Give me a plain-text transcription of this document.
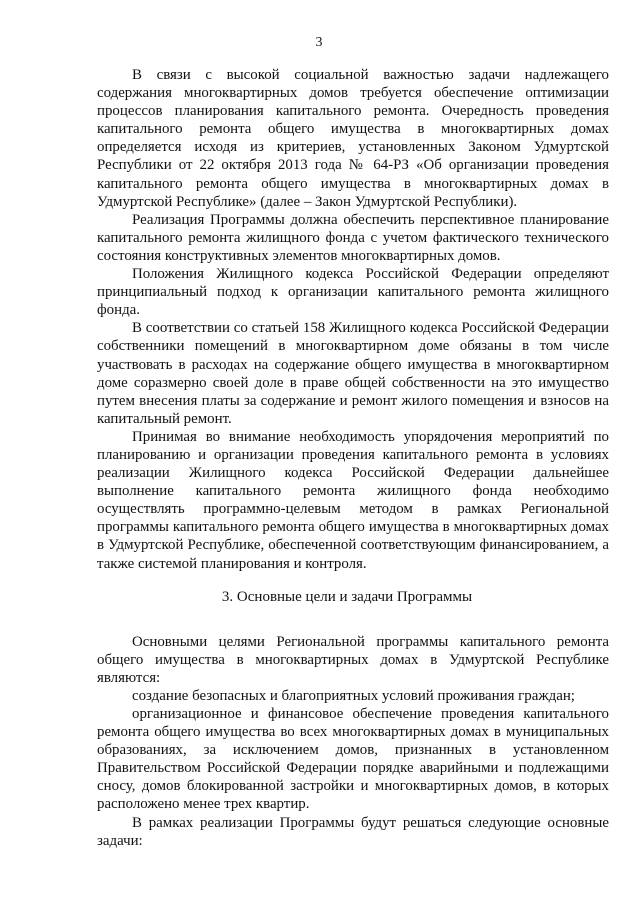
3

В связи с высокой социальной важностью задачи надлежащего содержания многоквартирных домов требуется обеспечение оптимизации процессов планирования капитального ремонта. Очередность проведения капитального ремонта общего имущества в многоквартирных домах определяется исходя из критериев, установленных Законом Удмуртской Республики от 22 октября 2013 года № 64-РЗ «Об организации проведения капитального ремонта общего имущества в многоквартирных домах в Удмуртской Республике» (далее – Закон Удмуртской Республики).

Реализация Программы должна обеспечить перспективное планирование капитального ремонта жилищного фонда с учетом фактического технического состояния конструктивных элементов многоквартирных домов.

Положения Жилищного кодекса Российской Федерации определяют принципиальный подход к организации капитального ремонта жилищного фонда.

В соответствии со статьей 158 Жилищного кодекса Российской Федерации собственники помещений в многоквартирном доме обязаны в том числе участвовать в расходах на содержание общего имущества в многоквартирном доме соразмерно своей доле в праве общей собственности на это имущество путем внесения платы за содержание и ремонт жилого помещения и взносов на капитальный ремонт.

Принимая во внимание необходимость упорядочения мероприятий по планированию и организации проведения капитального ремонта в условиях реализации Жилищного кодекса Российской Федерации дальнейшее выполнение капитального ремонта жилищного фонда необходимо осуществлять программно-целевым методом в рамках Региональной программы капитального ремонта общего имущества в многоквартирных домах в Удмуртской Республике, обеспеченной соответствующим финансированием, а также системой планирования и контроля.

3. Основные цели и задачи Программы

Основными целями Региональной программы капитального ремонта общего имущества в многоквартирных домах в Удмуртской Республике являются:

создание безопасных и благоприятных условий проживания граждан;

организационное и финансовое обеспечение проведения капитального ремонта общего имущества во всех многоквартирных домах в муниципальных образованиях, за исключением домов, признанных в установленном Правительством Российской Федерации порядке аварийными и подлежащими сносу, домов блокированной застройки и многоквартирных домов, в которых расположено менее трех квартир.

В рамках реализации Программы будут решаться следующие основные задачи:
